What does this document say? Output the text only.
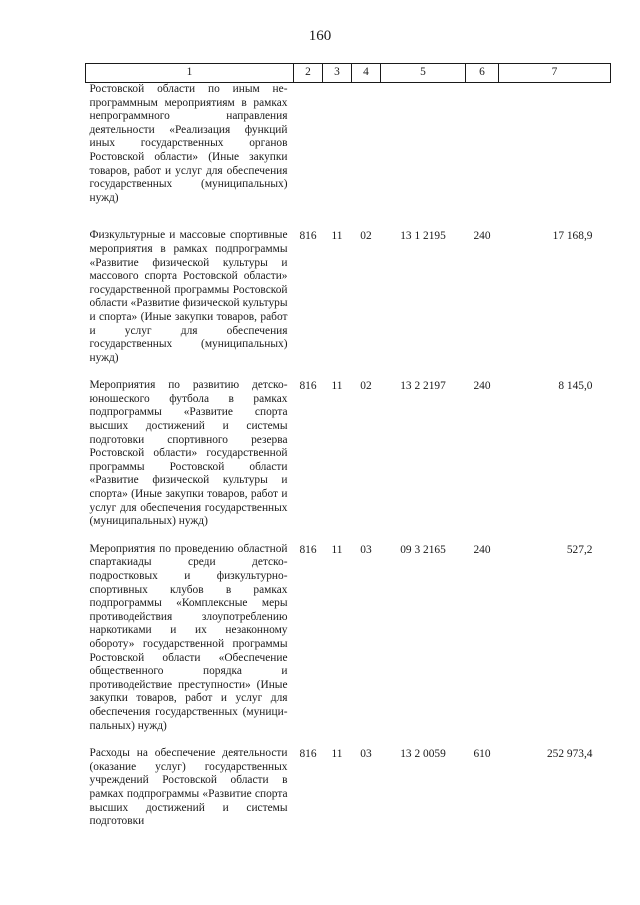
160
1	2	3	4	5	6	7
Ростовской области по иным непрограммным мероприятиям в рамках непрограммного направления деятельности «Реализация функций иных государственных органов Ростовской области» (Иные закупки товаров, работ и услуг для обеспечения государственных (муниципальных) нужд)						
Физкультурные и массовые спортивные мероприятия в рамках подпрограммы «Развитие физической культуры и массового спорта Ростовской области» государственной программы Ростовской области «Развитие физической культуры и спорта» (Иные закупки товаров, работ и услуг для обеспечения государственных (муниципальных) нужд)	816	11	02	13 1 2195	240	17 168,9
Мероприятия по развитию детско-юношеского футбола в рамках подпрограммы «Развитие спорта высших достижений и системы подготовки спортивного резерва Ростовской области» государственной программы Ростовской области «Развитие физической культуры и спорта» (Иные закупки товаров, работ и услуг для обеспечения государственных (муниципальных) нужд)	816	11	02	13 2 2197	240	8 145,0
Мероприятия по проведению областной спартакиады среди детско-подростковых и физкультурно-спортивных клубов в рамках подпрограммы «Комплексные меры противодействия злоупотреблению наркотиками и их незаконному обороту» государственной программы Ростовской области «Обеспечение общественного порядка и противодействие преступности» (Иные закупки товаров, работ и услуг для обеспечения государственных (муниципальных) нужд)	816	11	03	09 3 2165	240	527,2
Расходы на обеспечение деятельности (оказание услуг) государственных учреждений Ростовской области в рамках подпрограммы «Развитие спорта высших достижений и системы подготовки	816	11	03	13 2 0059	610	252 973,4
